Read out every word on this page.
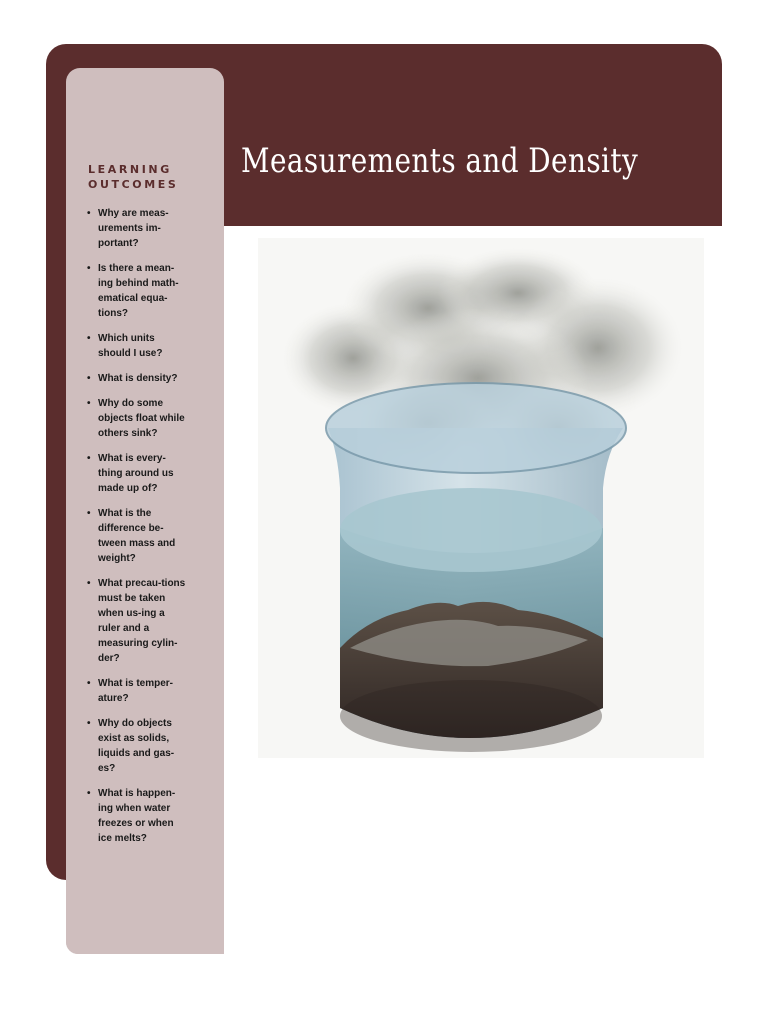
Measurements and Density
LEARNING
OUTCOMES
• Why are meas-urements im-portant?
• Is there a mean-ing behind math-ematical equa-tions?
• Which units should I use?
• What is density?
• Why do some objects float while others sink?
• What is every-thing around us made up of?
• What is the difference be-tween mass and weight?
• What precau-tions must be taken when us-ing a ruler and a measuring cylin-der?
• What is temper-ature?
• Why do objects exist as solids, liquids and gas-es?
• What is happen-ing when water freezes or when ice melts?
